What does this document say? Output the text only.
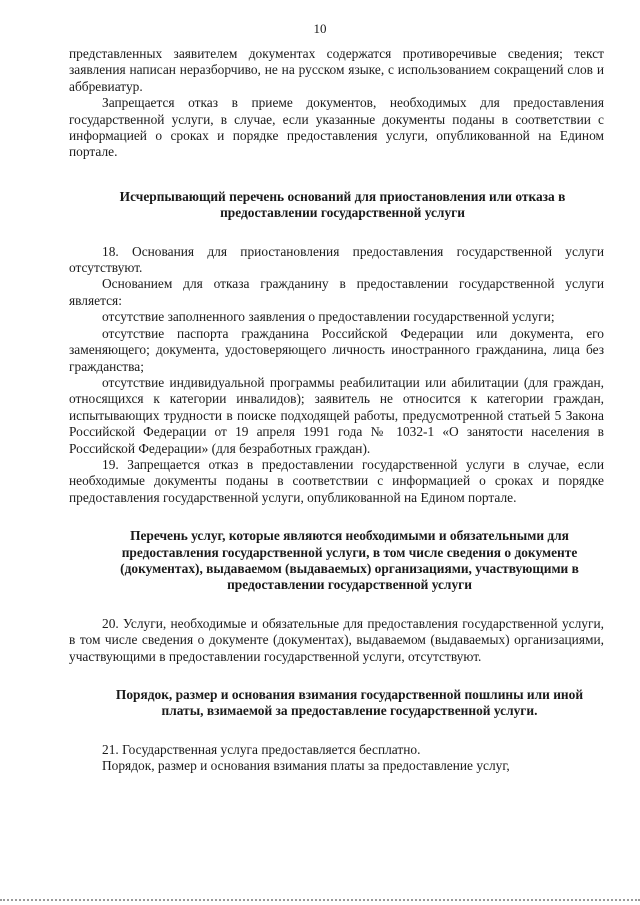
10

представленных заявителем документах содержатся противоречивые сведения; текст заявления написан неразборчиво, не на русском языке, с использованием сокращений слов и аббревиатур.

Запрещается отказ в приеме документов, необходимых для предоставления государственной услуги, в случае, если указанные документы поданы в соответствии с информацией о сроках и порядке предоставления услуги, опубликованной на Едином портале.

Исчерпывающий перечень оснований для приостановления или отказа в предоставлении государственной услуги

18. Основания для приостановления предоставления государственной услуги отсутствуют.

Основанием для отказа гражданину в предоставлении государственной услуги является:

отсутствие заполненного заявления о предоставлении государственной услуги;

отсутствие паспорта гражданина Российской Федерации или документа, его заменяющего; документа, удостоверяющего личность иностранного гражданина, лица без гражданства;

отсутствие индивидуальной программы реабилитации или абилитации (для граждан, относящихся к категории инвалидов); заявитель не относится к категории граждан, испытывающих трудности в поиске подходящей работы, предусмотренной статьей 5 Закона Российской Федерации от 19 апреля 1991 года № 1032-1 «О занятости населения в Российской Федерации» (для безработных граждан).

19. Запрещается отказ в предоставлении государственной услуги в случае, если необходимые документы поданы в соответствии с информацией о сроках и порядке предоставления государственной услуги, опубликованной на Едином портале.

Перечень услуг, которые являются необходимыми и обязательными для предоставления государственной услуги, в том числе сведения о документе (документах), выдаваемом (выдаваемых) организациями, участвующими в предоставлении государственной услуги

20. Услуги, необходимые и обязательные для предоставления государственной услуги, в том числе сведения о документе (документах), выдаваемом (выдаваемых) организациями, участвующими в предоставлении государственной услуги, отсутствуют.

Порядок, размер и основания взимания государственной пошлины или иной платы, взимаемой за предоставление государственной услуги.

21. Государственная услуга предоставляется бесплатно.

Порядок, размер и основания взимания платы за предоставление услуг,
